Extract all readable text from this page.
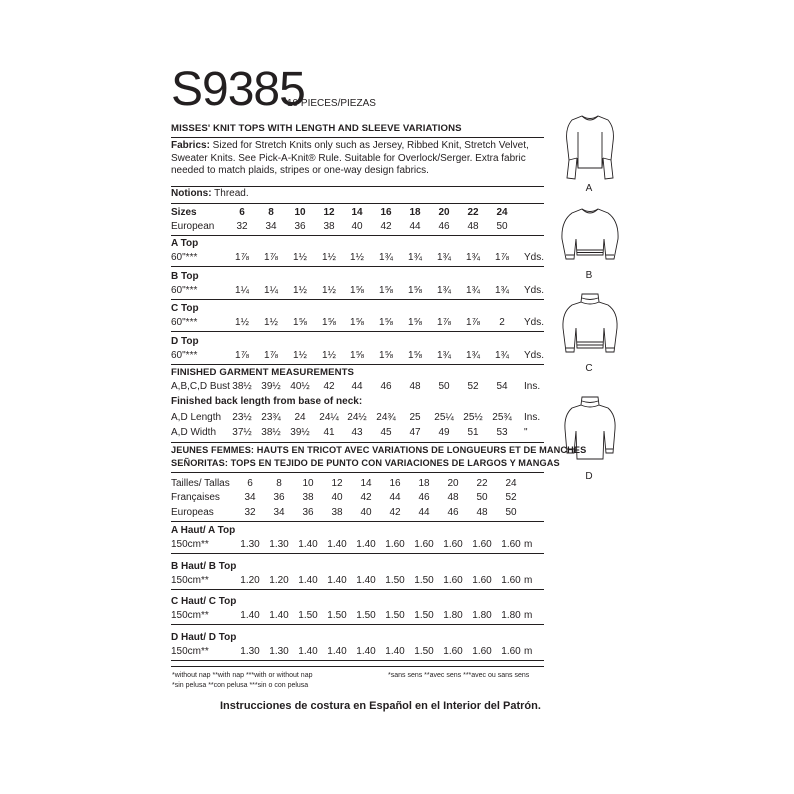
S9385
10 PIECES/PIEZAS
MISSES' KNIT TOPS WITH LENGTH AND SLEEVE VARIATIONS
Fabrics: Sized for Stretch Knits only such as Jersey, Ribbed Knit, Stretch Velvet, Sweater Knits. See Pick-A-Knit® Rule. Suitable for Overlock/Serger. Extra fabric needed to match plaids, stripes or one-way design fabrics.
Notions: Thread.
Sizes	6	8	10	12	14	16	18	20	22	24
European	32	34	36	38	40	42	44	46	48	50
A Top
60"***	1⅞	1⅞	1½	1½	1½	1¾	1¾	1¾	1¾	1⅞	Yds.
B Top
60"***	1¼	1¼	1½	1½	1⅝	1⅝	1⅝	1¾	1¾	1¾	Yds.
C Top
60"***	1½	1½	1⅝	1⅝	1⅝	1⅝	1⅝	1⅞	1⅞	2	Yds.
D Top
60"***	1⅞	1⅞	1½	1½	1⅝	1⅝	1⅝	1¾	1¾	1¾	Yds.
FINISHED GARMENT MEASUREMENTS
A,B,C,D Bust 38½ 39½ 40½	42	44	46	48	50	52	54	Ins.
Finished back length from base of neck:
A,D Length	23½ 23¾	24	24¼ 24½ 24¾	25	25¼ 25½ 25¾	Ins.
A,D Width	37½ 38½ 39½	41	43	45	47	49	51	53	"
JEUNES FEMMES: HAUTS EN TRICOT AVEC VARIATIONS DE LONGUEURS ET DE MANCHES
SEÑORITAS: TOPS EN TEJIDO DE PUNTO CON VARIACIONES DE LARGOS Y MANGAS
Tailles/ Tallas	6	8	10	12	14	16	18	20	22	24
Françaises	34	36	38	40	42	44	46	48	50	52
Europeas	32	34	36	38	40	42	44	46	48	50
A Haut/ A Top
150cm**	1.30 1.30 1.40 1.40 1.40 1.60 1.60 1.60 1.60 1.60 m
B Haut/ B Top
150cm**	1.20 1.20 1.40 1.40 1.40 1.50 1.50 1.60 1.60 1.60 m
C Haut/ C Top
150cm**	1.40 1.40 1.50 1.50 1.50 1.50 1.50 1.80 1.80 1.80 m
D Haut/ D Top
150cm**	1.30 1.30 1.40 1.40 1.40 1.40 1.50 1.60 1.60 1.60 m
*without nap **with nap ***with or without nap
*sin pelusa **con pelusa ***sin o con pelusa
*sans sens **avec sens ***avec ou sans sens
Instrucciones de costura en Español en el Interior del Patrón.
A
B
C
D
